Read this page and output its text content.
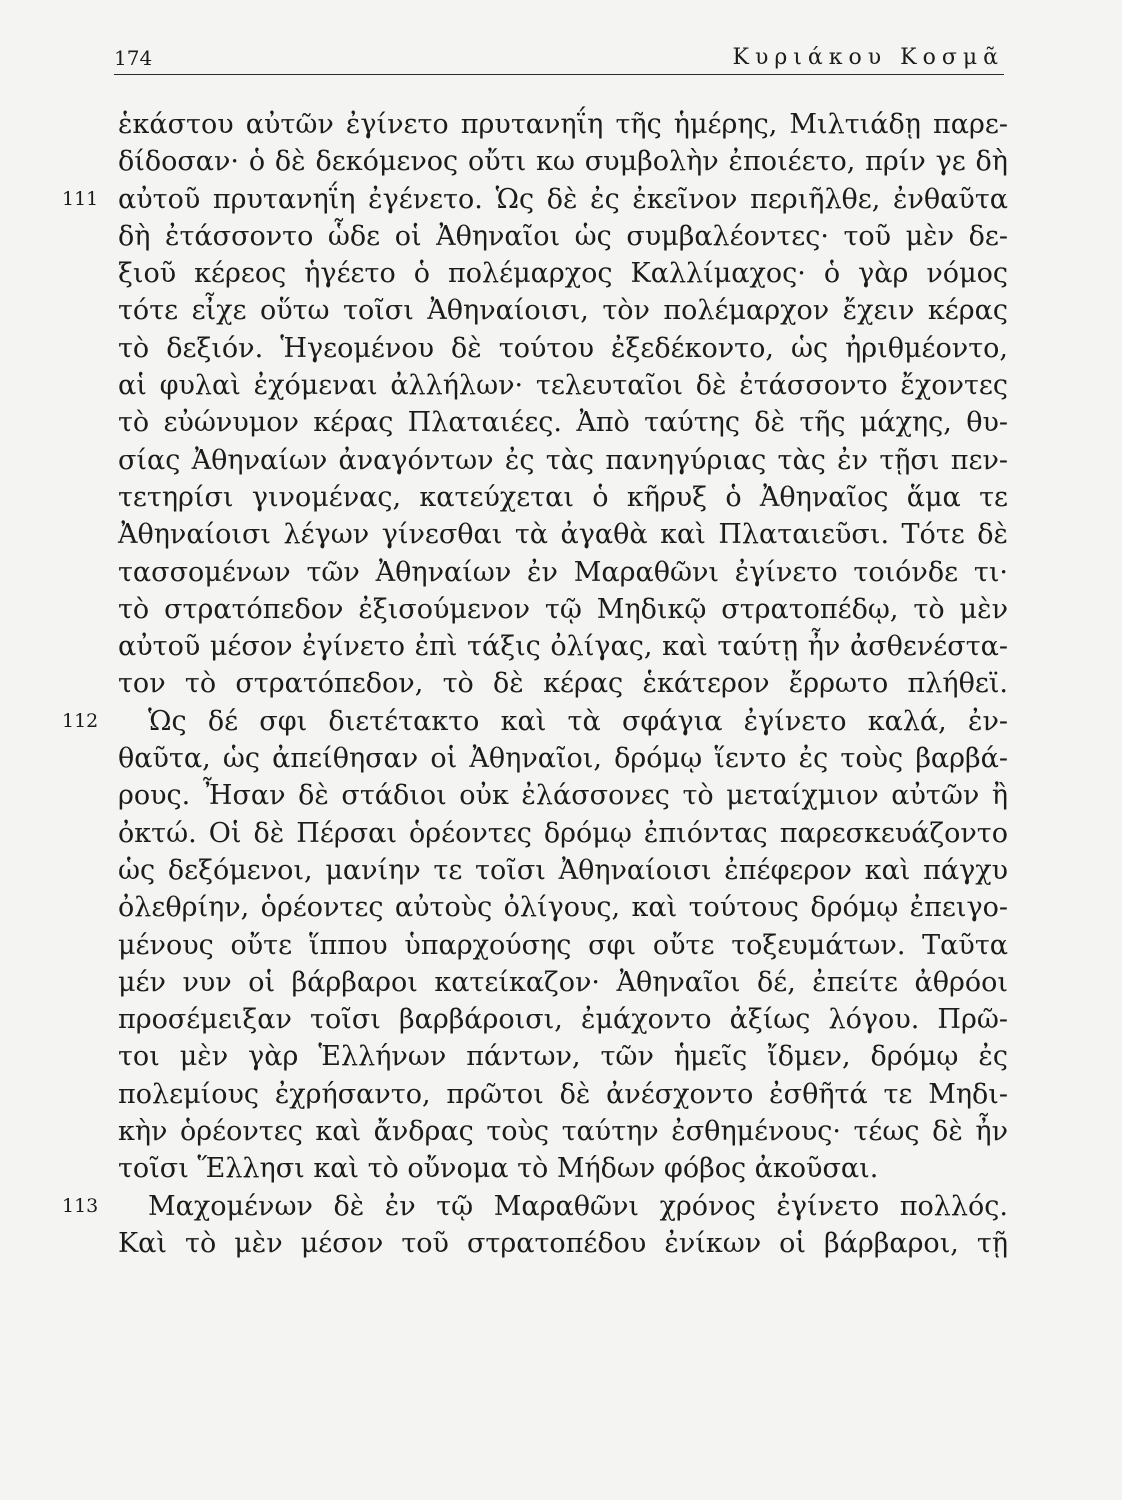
174	Κυριάκου Κοσμᾶ
ἑκάστου αὐτῶν ἐγίνετο πρυτανηΐη τῆς ἡμέρης, Μιλτιάδῃ παρε-
δίδοσαν· ὁ δὲ δεκόμενος οὔτι κω συμβολὴν ἐποιέετο, πρίν γε δὴ
111 αὐτοῦ πρυτανηΐη ἐγένετο. Ὡς δὲ ἐς ἐκεῖνον περιῆλθε, ἐνθαῦτα
δὴ ἐτάσσοντο ὧδε οἱ Ἀθηναῖοι ὡς συμβαλέοντες· τοῦ μὲν δε-
ξιοῦ κέρεος ἡγέετο ὁ πολέμαρχος Καλλίμαχος· ὁ γὰρ νόμος
τότε εἶχε οὕτω τοῖσι Ἀθηναίοισι, τὸν πολέμαρχον ἔχειν κέρας
τὸ δεξιόν. Ἡγεομένου δὲ τούτου ἐξεδέκοντο, ὡς ἠριθμέοντο,
αἱ φυλαὶ ἐχόμεναι ἀλλήλων· τελευταῖοι δὲ ἐτάσσοντο ἔχοντες
τὸ εὐώνυμον κέρας Πλαταιέες. Ἀπὸ ταύτης δὲ τῆς μάχης, θυ-
σίας Ἀθηναίων ἀναγόντων ἐς τὰς πανηγύριας τὰς ἐν τῇσι πεν-
τετηρίσι γινομένας, κατεύχεται ὁ κῆρυξ ὁ Ἀθηναῖος ἅμα τε
Ἀθηναίοισι λέγων γίνεσθαι τὰ ἀγαθὰ καὶ Πλαταιεῦσι. Τότε δὲ
τασσομένων τῶν Ἀθηναίων ἐν Μαραθῶνι ἐγίνετο τοιόνδε τι·
τὸ στρατόπεδον ἐξισούμενον τῷ Μηδικῷ στρατοπέδῳ, τὸ μὲν
αὐτοῦ μέσον ἐγίνετο ἐπὶ τάξις ὀλίγας, καὶ ταύτῃ ἦν ἀσθενέστα-
τον τὸ στρατόπεδον, τὸ δὲ κέρας ἑκάτερον ἔρρωτο πλήθεϊ.
112 Ὡς δέ σφι διετέτακτο καὶ τὰ σφάγια ἐγίνετο καλά, ἐν-
θαῦτα, ὡς ἀπείθησαν οἱ Ἀθηναῖοι, δρόμῳ ἵεντο ἐς τοὺς βαρβά-
ρους. Ἦσαν δὲ στάδιοι οὐκ ἐλάσσονες τὸ μεταίχμιον αὐτῶν ἢ
ὀκτώ. Οἱ δὲ Πέρσαι ὁρέοντες δρόμῳ ἐπιόντας παρεσκευάζοντο
ὡς δεξόμενοι, μανίην τε τοῖσι Ἀθηναίοισι ἐπέφερον καὶ πάγχυ
ὀλεθρίην, ὁρέοντες αὐτοὺς ὀλίγους, καὶ τούτους δρόμῳ ἐπειγο-
μένους οὔτε ἵππου ὑπαρχούσης σφι οὔτε τοξευμάτων. Ταῦτα
μέν νυν οἱ βάρβαροι κατείκαζον· Ἀθηναῖοι δέ, ἐπείτε ἀθρόοι
προσέμειξαν τοῖσι βαρβάροισι, ἐμάχοντο ἀξίως λόγου. Πρῶ-
τοι μὲν γὰρ Ἑλλήνων πάντων, τῶν ἡμεῖς ἴδμεν, δρόμῳ ἐς
πολεμίους ἐχρήσαντο, πρῶτοι δὲ ἀνέσχοντο ἐσθῆτά τε Μηδι-
κὴν ὁρέοντες καὶ ἄνδρας τοὺς ταύτην ἐσθημένους· τέως δὲ ἦν
τοῖσι Ἕλλησι καὶ τὸ οὔνομα τὸ Μήδων φόβος ἀκοῦσαι.
113 Μαχομένων δὲ ἐν τῷ Μαραθῶνι χρόνος ἐγίνετο πολλός.
Καὶ τὸ μὲν μέσον τοῦ στρατοπέδου ἐνίκων οἱ βάρβαροι, τῇ
